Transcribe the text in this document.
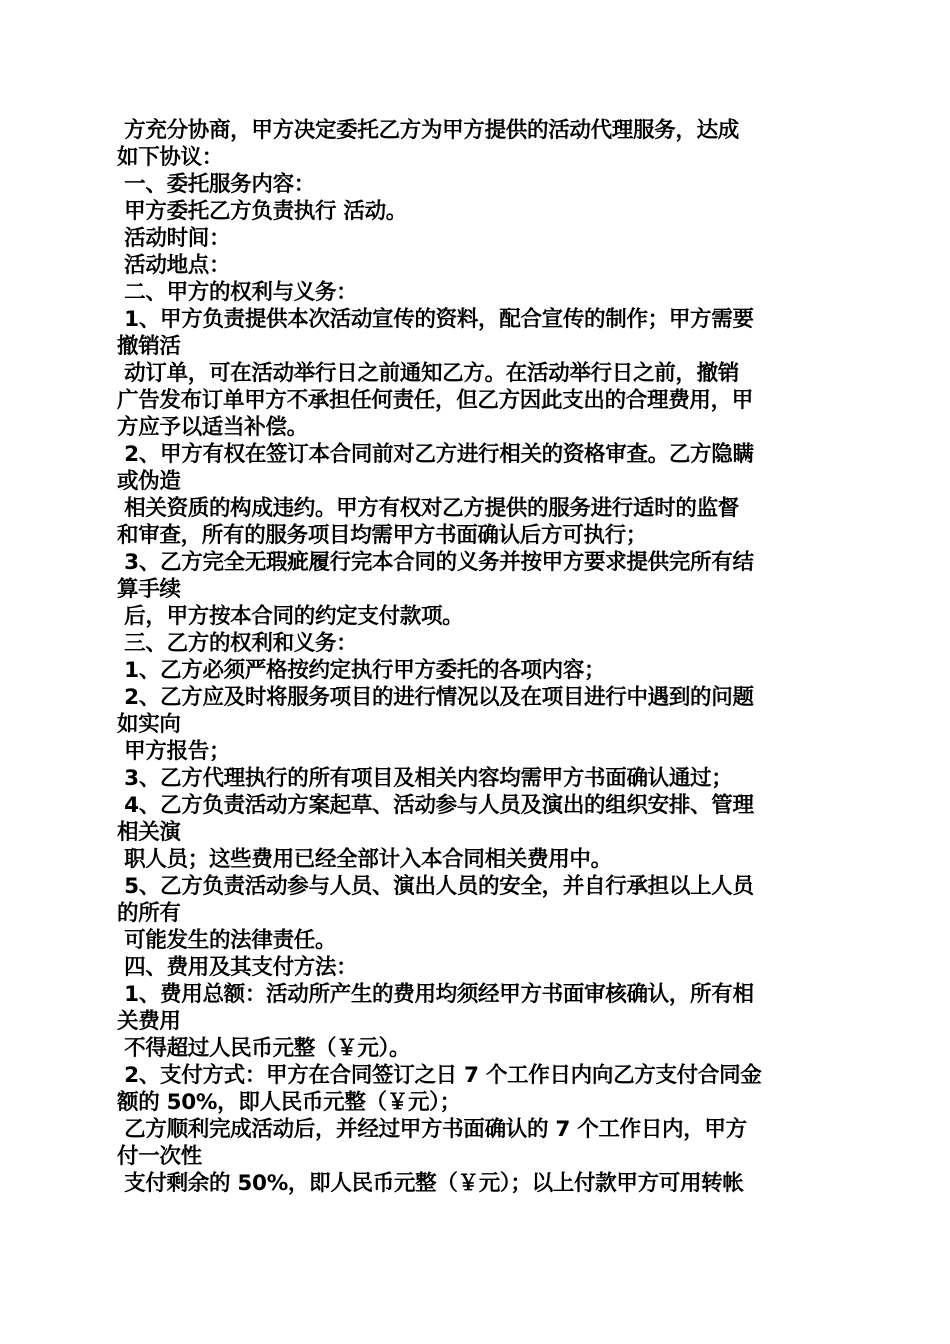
方充分协商，甲方决定委托乙方为甲方提供的活动代理服务，达成
如下协议：
一、委托服务内容：
甲方委托乙方负责执行 活动。
活动时间：
活动地点：
二、甲方的权利与义务：
1、甲方负责提供本次活动宣传的资料，配合宣传的制作；甲方需要
撤销活
动订单，可在活动举行日之前通知乙方。在活动举行日之前，撤销
广告发布订单甲方不承担任何责任，但乙方因此支出的合理费用，甲
方应予以适当补偿。
2、甲方有权在签订本合同前对乙方进行相关的资格审查。乙方隐瞒
或伪造
相关资质的构成违约。甲方有权对乙方提供的服务进行适时的监督
和审查，所有的服务项目均需甲方书面确认后方可执行；
3、乙方完全无瑕疵履行完本合同的义务并按甲方要求提供完所有结
算手续
后，甲方按本合同的约定支付款项。
三、乙方的权利和义务：
1、乙方必须严格按约定执行甲方委托的各项内容；
2、乙方应及时将服务项目的进行情况以及在项目进行中遇到的问题
如实向
甲方报告；
3、乙方代理执行的所有项目及相关内容均需甲方书面确认通过；
4、乙方负责活动方案起草、活动参与人员及演出的组织安排、管理
相关演
职人员；这些费用已经全部计入本合同相关费用中。
5、乙方负责活动参与人员、演出人员的安全，并自行承担以上人员
的所有
可能发生的法律责任。
四、费用及其支付方法：
1、费用总额：活动所产生的费用均须经甲方书面审核确认，所有相
关费用
不得超过人民币元整（￥元）。
2、支付方式：甲方在合同签订之日 7 个工作日内向乙方支付合同金
额的 50%，即人民币元整（￥元）；
乙方顺利完成活动后，并经过甲方书面确认的 7 个工作日内，甲方
付一次性
支付剩余的 50%，即人民币元整（￥元）；以上付款甲方可用转帐
